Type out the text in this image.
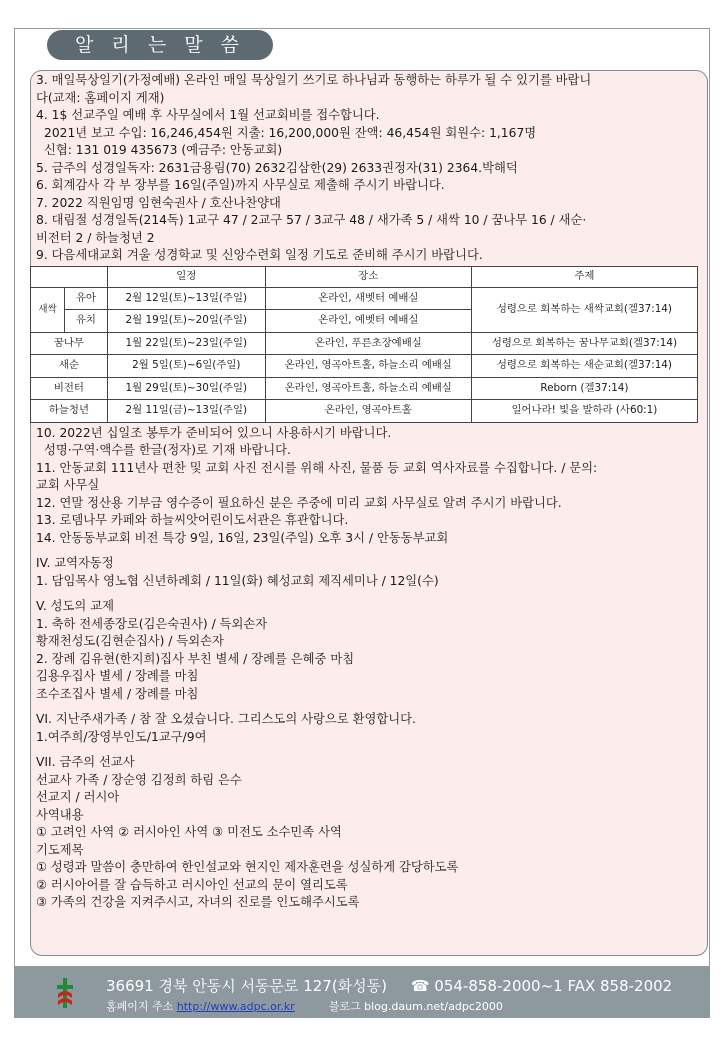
알 리 는 말 씀

3. 매일묵상일기(가정예배) 온라인 매일 묵상일기 쓰기로 하나님과 동행하는 하루가 될 수 있기를 바랍니

다(교재: 홈페이지 게재)

4. 1$ 선교주일 예배 후 사무실에서 1월 선교회비를 접수합니다.

2021년 보고 수입: 16,246,454원 지출: 16,200,000원 잔액: 46,454원 회원수: 1,167명

신협: 131 019 435673 (예금주: 안동교회)

5. 금주의 성경일독자: 2631금용림(70) 2632김삼한(29) 2633권정자(31) 2364.박해덕

6. 회계감사 각 부 장부를 16일(주일)까지 사무실로 제출해 주시기 바랍니다.

7. 2022 직원임명 임현숙권사 / 호산나찬양대

8. 대림절 성경일독(214독) 1교구 47 / 2교구 57 / 3교구 48 / 새가족 5 / 새싹 10 / 꿈나무 16 / 새순·

비전터 2 / 하늘청년 2

9. 다음세대교회 겨울 성경학교 및 신앙수련회 일정 기도로 준비해 주시기 바랍니다.

		일정	장소	주제
새싹	유아	2월 12일(토)~13일(주일)	온라인, 새벳터 예배실	성령으로 회복하는 새싹교회(겔37:14)
	유치	2월 19일(토)~20일(주일)	온라인, 예벳터 예배실	
꿈나무		1월 22일(토)~23일(주일)	온라인, 푸른초장예배실	성령으로 회복하는 꿈나무교회(겔37:14)
새순		2월 5일(토)~6일(주일)	온라인, 영곡아트홀, 하늘소리 예배실	성령으로 회복하는 새순교회(겔37:14)
비전터		1월 29일(토)~30일(주일)	온라인, 영곡아트홀, 하늘소리 예배실	Reborn (겔37:14)
하늘청년		2월 11일(금)~13일(주일)	온라인, 영곡아트홀	일어나라! 빛을 발하라 (사60:1)

10. 2022년 십일조 봉투가 준비되어 있으니 사용하시기 바랍니다.

성명·구역·액수를 한글(정자)로 기재 바랍니다.

11. 안동교회 111년사 편찬 및 교회 사진 전시를 위해 사진, 물품 등 교회 역사자료를 수집합니다. / 문의:

교회 사무실

12. 연말 정산용 기부금 영수증이 필요하신 분은 주중에 미리 교회 사무실로 알려 주시기 바랍니다.

13. 로뎀나무 카페와 하늘씨앗어린이도서관은 휴관합니다.

14. 안동동부교회 비전 특강 9일, 16일, 23일(주일) 오후 3시 / 안동동부교회

IV. 교역자동정

1. 담임목사 영노협 신년하례회 / 11일(화) 혜성교회 제직세미나 / 12일(수)

V. 성도의 교제

1. 축하 전세종장로(김은숙권사) / 득외손자

황재천성도(김현순집사) / 득외손자

2. 장례 김유현(한지희)집사 부친 별세 / 장례를 은혜중 마침

김용우집사 별세 / 장례를 마침

조수조집사 별세 / 장례를 마침

VI. 지난주새가족 / 참 잘 오셨습니다. 그리스도의 사랑으로 환영합니다.

1.여주희/장영부인도/1교구/9여

VII. 금주의 선교사

선교사 가족 / 장순영 김정희 하림 은수

선교지 / 러시아

사역내용

① 고려인 사역 ② 러시아인 사역 ③ 미전도 소수민족 사역

기도제목

① 성령과 말씀이 충만하여 한인설교와 현지인 제자훈련을 성실하게 감당하도록

② 러시아어를 잘 습득하고 러시아인 선교의 문이 열리도록

③ 가족의 건강을 지켜주시고, 자녀의 진로를 인도해주시도록

36691 경북 안동시 서동문로 127(화성동) ☎ 054-858-2000~1 FAX 858-2002
홈페이지 주소 http://www.adpc.or.kr	블로그 blog.daum.net/adpc2000
